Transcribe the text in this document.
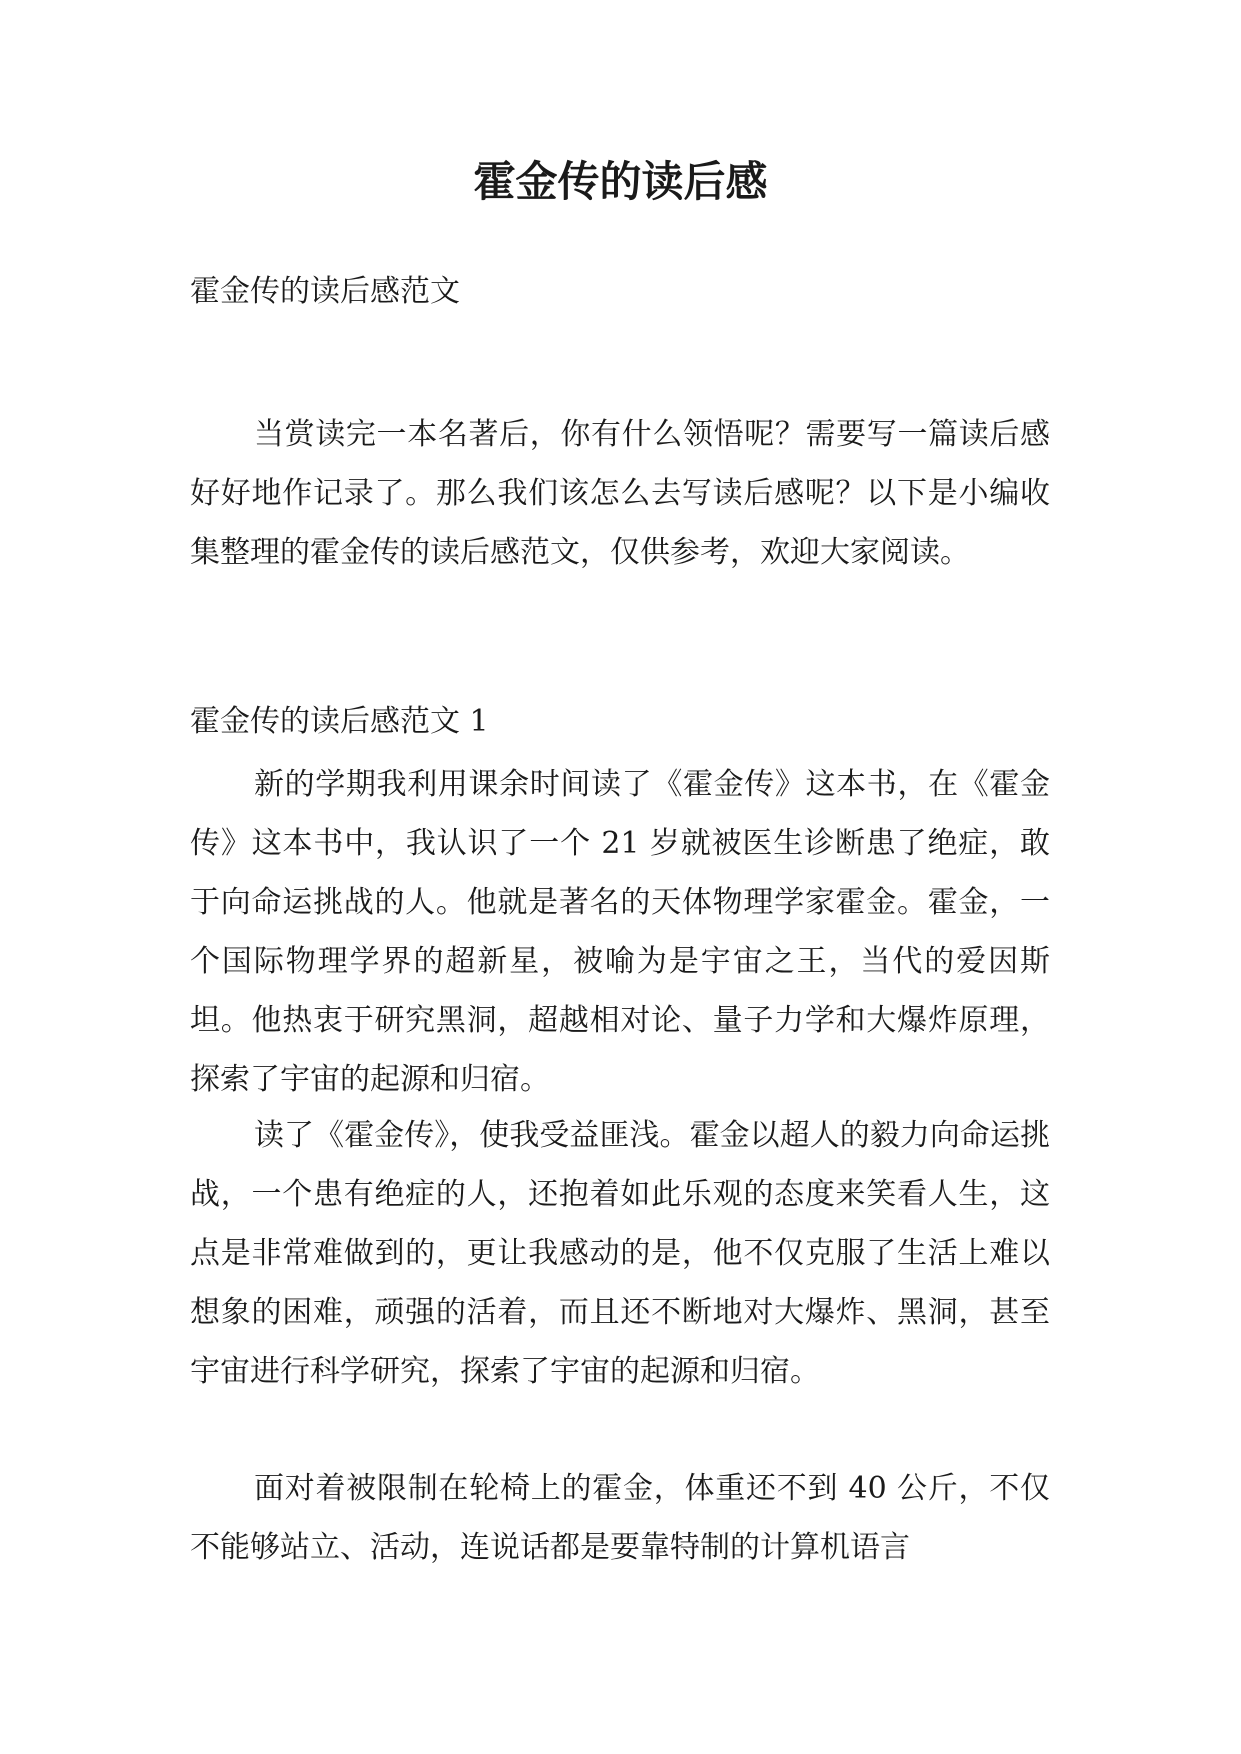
霍金传的读后感

霍金传的读后感范文

当赏读完一本名著后，你有什么领悟呢？需要写一篇读后感好好地作记录了。那么我们该怎么去写读后感呢？以下是小编收集整理的霍金传的读后感范文，仅供参考，欢迎大家阅读。

霍金传的读后感范文 1

新的学期我利用课余时间读了《霍金传》这本书，在《霍金传》这本书中，我认识了一个 21 岁就被医生诊断患了绝症，敢于向命运挑战的人。他就是著名的天体物理学家霍金。霍金，一个国际物理学界的超新星，被喻为是宇宙之王，当代的爱因斯坦。他热衷于研究黑洞，超越相对论、量子力学和大爆炸原理，探索了宇宙的起源和归宿。

读了《霍金传》，使我受益匪浅。霍金以超人的毅力向命运挑战，一个患有绝症的人，还抱着如此乐观的态度来笑看人生，这点是非常难做到的，更让我感动的是，他不仅克服了生活上难以想象的困难，顽强的活着，而且还不断地对大爆炸、黑洞，甚至宇宙进行科学研究，探索了宇宙的起源和归宿。

面对着被限制在轮椅上的霍金，体重还不到 40 公斤，不仅不能够站立、活动，连说话都是要靠特制的计算机语言
